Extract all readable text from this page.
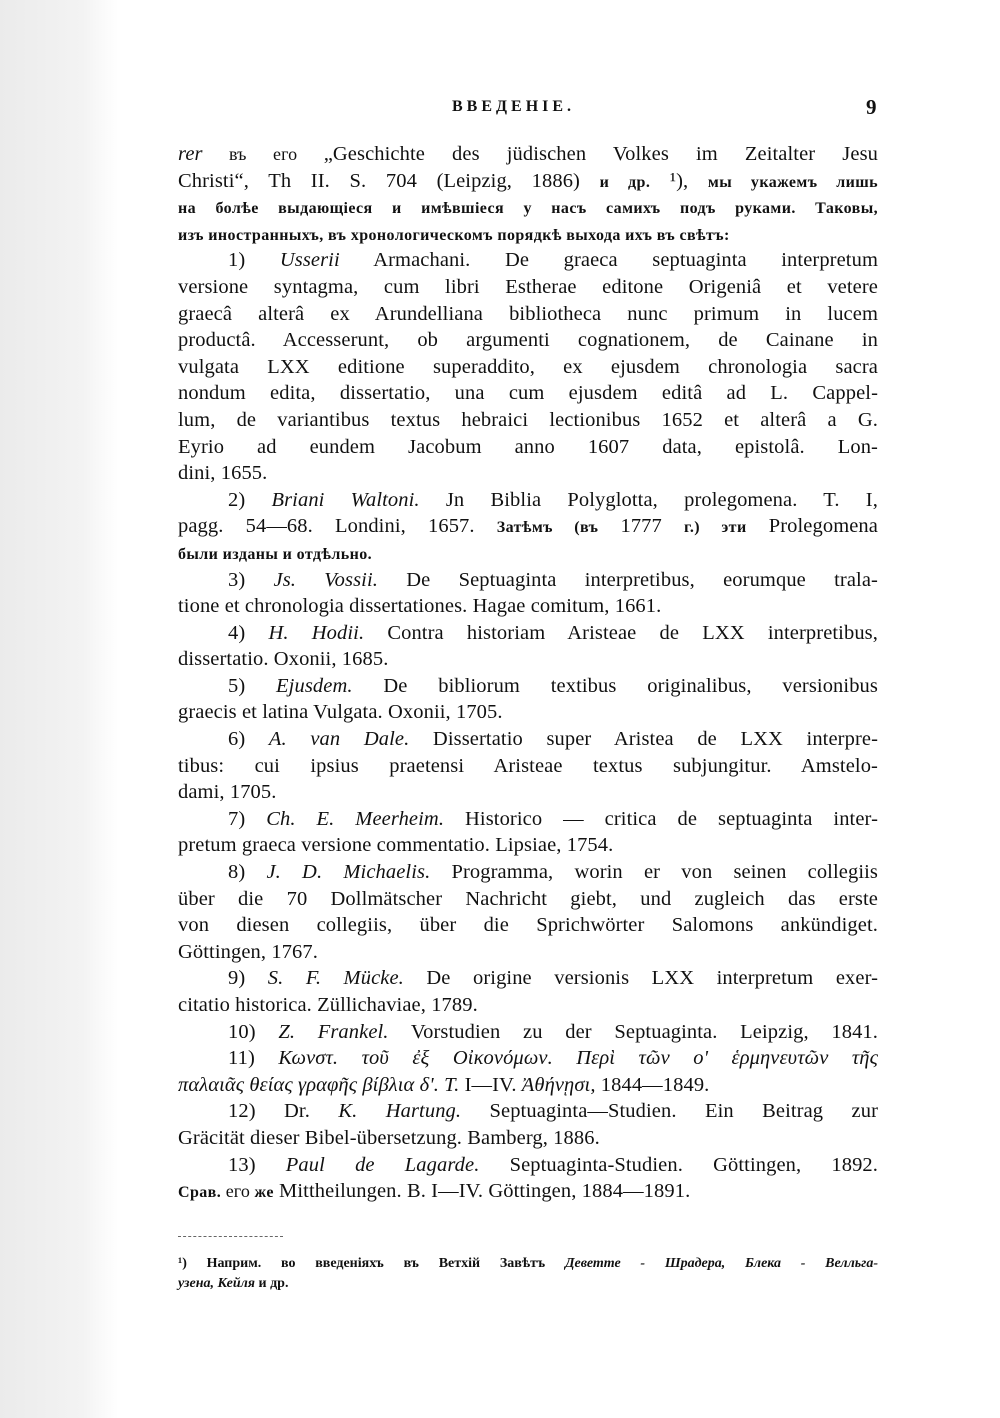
ВВЕДЕНІЕ.	9
rer въ его „Geschichte des jüdischen Volkes im Zeitalter Jesu
Christi“, Th II. S. 704 (Leipzig, 1886) и др. ¹), мы укажемъ лишь
на болѣе выдающіеся и имѣвшіеся у насъ самихъ подъ руками. Таковы,
изъ иностранныхъ, въ хронологическомъ порядкѣ выхода ихъ въ свѣтъ:
1) Usserii Armachani. De graeca septuaginta interpretum
versione syntagma, cum libri Estherae editone Origeniâ et vetere
graecâ alterâ ex Arundelliana bibliotheca nunc primum in lucem
productâ. Accesserunt, ob argumenti cognationem, de Cainane in
vulgata LXX editione superaddito, ex ejusdem chronologia sacra
nondum edita, dissertatio, una cum ejusdem editâ ad L. Cappel-
lum, de variantibus textus hebraici lectionibus 1652 et alterâ a G.
Eyrio ad eundem Jacobum anno 1607 data, epistolâ. Lon-
dini, 1655.
2) Briani Waltoni. Jn Biblia Polyglotta, prolegomena. T. I,
pagg. 54—68. Londini, 1657. Затѣмъ (въ 1777 г.) эти Prolegomena
были изданы и отдѣльно.
3) Js. Vossii. De Septuaginta interpretibus, eorumque trala-
tione et chronologia dissertationes. Hagae comitum, 1661.
4) H. Hodii. Contra historiam Aristeae de LXX interpretibus,
dissertatio. Oxonii, 1685.
5) Ejusdem. De bibliorum textibus originalibus, versionibus
graecis et latina Vulgata. Oxonii, 1705.
6) A. van Dale. Dissertatio super Aristea de LXX interpre-
tibus: cui ipsius praetensi Aristeae textus subjungitur. Amstelo-
dami, 1705.
7) Ch. E. Meerheim. Historico — critica de septuaginta inter-
pretum graeca versione commentatio. Lipsiae, 1754.
8) J. D. Michaelis. Programma, worin er von seinen collegiis
über die 70 Dollmätscher Nachricht giebt, und zugleich das erste
von diesen collegiis, über die Sprichwörter Salomons ankündiget.
Göttingen, 1767.
9) S. F. Mücke. De origine versionis LXX interpretum exer-
citatio historica. Züllichaviae, 1789.
10) Z. Frankel. Vorstudien zu der Septuaginta. Leipzig, 1841.
11) Κωνστ. τοῦ ἐξ Οἰκονόμων. Περὶ τῶν ο' ἑρμηνευτῶν τῆς
παλαιᾶς θείας γραφῆς βίβλια δ'. Τ. I—IV. Ἀθήνῃσι, 1844—1849.
12) Dr. K. Hartung. Septuaginta—Studien. Ein Beitrag zur
Gräcität dieser Bibel-übersetzung. Bamberg, 1886.
13) Paul de Lagarde. Septuaginta-Studien. Göttingen, 1892.
Срав. его же Mittheilungen. B. I—IV. Göttingen, 1884—1891.
¹) Наприм. во введеніяхъ въ Ветхій Завѣтъ Деветте - Шрадера, Блека - Велльга-
узена, Кейля и др.
